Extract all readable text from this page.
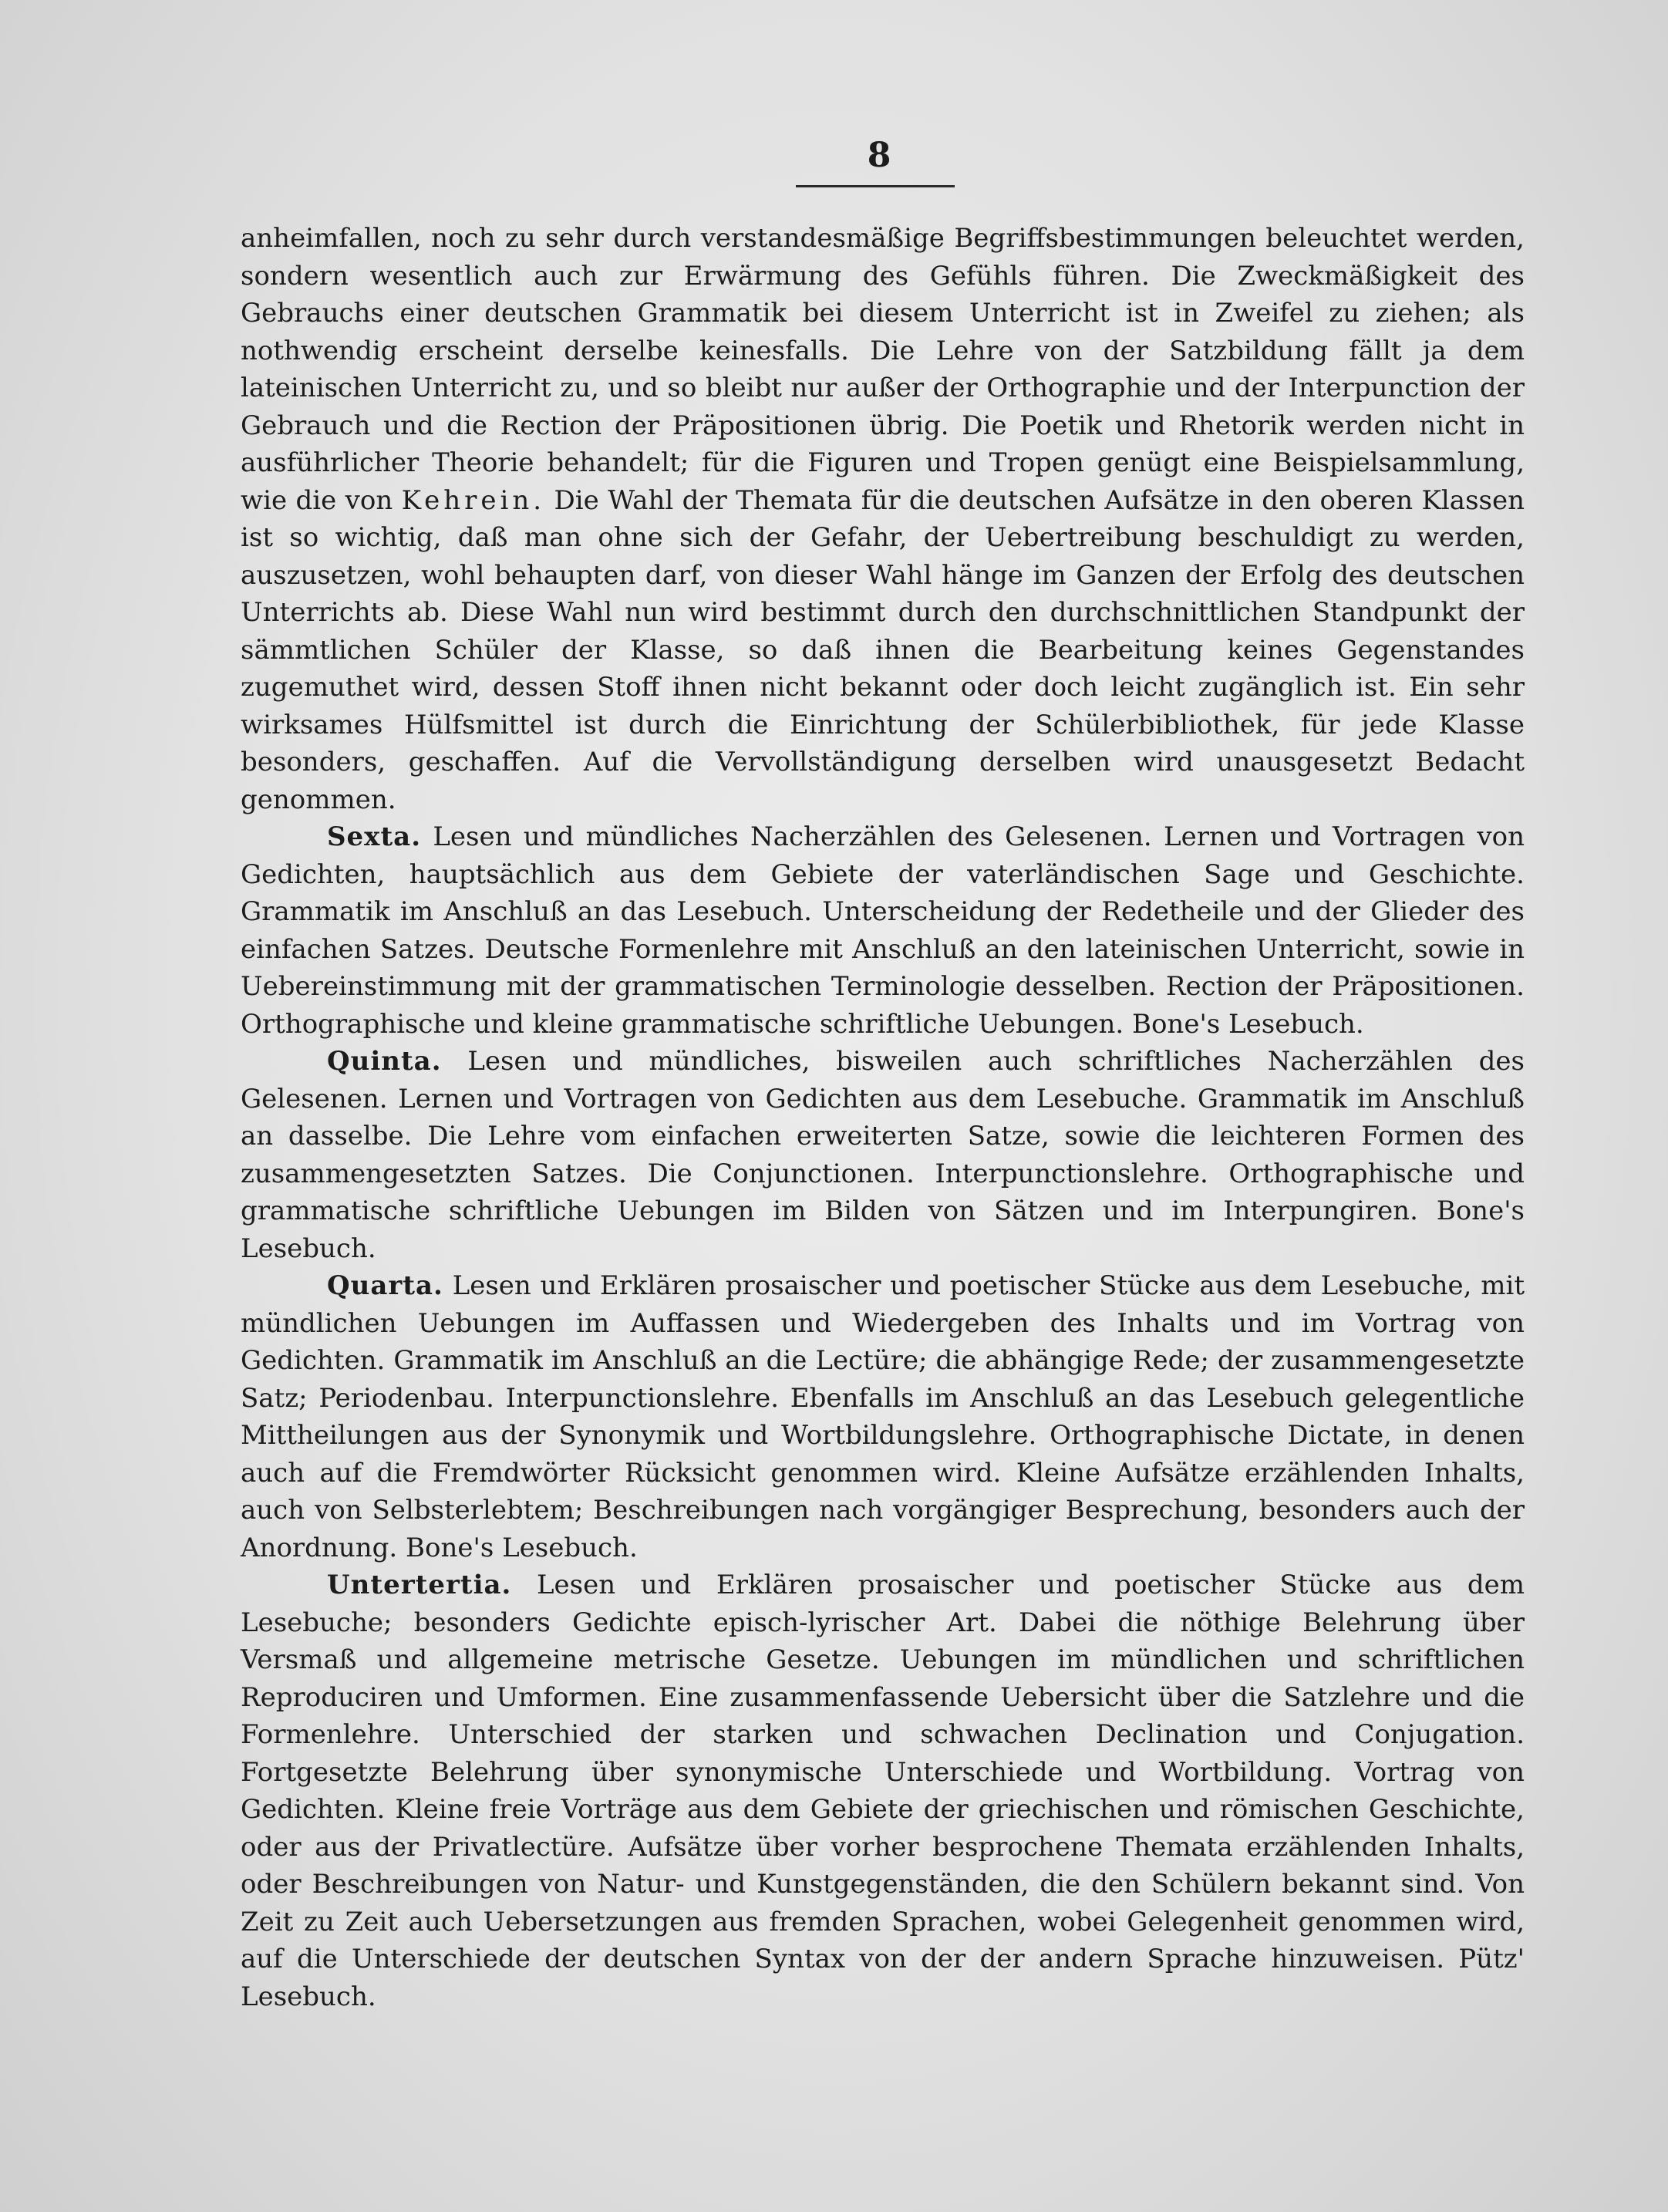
8

anheimfallen, noch zu sehr durch verstandesmäßige Begriffsbestimmungen beleuchtet werden, sondern wesentlich auch zur Erwärmung des Gefühls führen. Die Zweckmäßigkeit des Gebrauchs einer deutschen Grammatik bei diesem Unterricht ist in Zweifel zu ziehen; als nothwendig erscheint derselbe keinesfalls. Die Lehre von der Satzbildung fällt ja dem lateinischen Unterricht zu, und so bleibt nur außer der Orthographie und der Interpunction der Gebrauch und die Rection der Präpositionen übrig. Die Poetik und Rhetorik werden nicht in ausführlicher Theorie behandelt; für die Figuren und Tropen genügt eine Beispielsammlung, wie die von Kehrein. Die Wahl der Themata für die deutschen Aufsätze in den oberen Klassen ist so wichtig, daß man ohne sich der Gefahr, der Uebertreibung beschuldigt zu werden, auszusetzen, wohl behaupten darf, von dieser Wahl hänge im Ganzen der Erfolg des deutschen Unterrichts ab. Diese Wahl nun wird bestimmt durch den durchschnittlichen Standpunkt der sämmtlichen Schüler der Klasse, so daß ihnen die Bearbeitung keines Gegenstandes zugemuthet wird, dessen Stoff ihnen nicht bekannt oder doch leicht zugänglich ist. Ein sehr wirksames Hülfsmittel ist durch die Einrichtung der Schülerbibliothek, für jede Klasse besonders, geschaffen. Auf die Vervollständigung derselben wird unausgesetzt Bedacht genommen.

Sexta. Lesen und mündliches Nacherzählen des Gelesenen. Lernen und Vortragen von Gedichten, hauptsächlich aus dem Gebiete der vaterländischen Sage und Geschichte. Grammatik im Anschluß an das Lesebuch. Unterscheidung der Redetheile und der Glieder des einfachen Satzes. Deutsche Formenlehre mit Anschluß an den lateinischen Unterricht, sowie in Uebereinstimmung mit der grammatischen Terminologie desselben. Rection der Präpositionen. Orthographische und kleine grammatische schriftliche Uebungen. Bone's Lesebuch.

Quinta. Lesen und mündliches, bisweilen auch schriftliches Nacherzählen des Gelesenen. Lernen und Vortragen von Gedichten aus dem Lesebuche. Grammatik im Anschluß an dasselbe. Die Lehre vom einfachen erweiterten Satze, sowie die leichteren Formen des zusammengesetzten Satzes. Die Conjunctionen. Interpunctionslehre. Orthographische und grammatische schriftliche Uebungen im Bilden von Sätzen und im Interpungiren. Bone's Lesebuch.

Quarta. Lesen und Erklären prosaischer und poetischer Stücke aus dem Lesebuche, mit mündlichen Uebungen im Auffassen und Wiedergeben des Inhalts und im Vortrag von Gedichten. Grammatik im Anschluß an die Lectüre; die abhängige Rede; der zusammengesetzte Satz; Periodenbau. Interpunctionslehre. Ebenfalls im Anschluß an das Lesebuch gelegentliche Mittheilungen aus der Synonymik und Wortbildungslehre. Orthographische Dictate, in denen auch auf die Fremdwörter Rücksicht genommen wird. Kleine Aufsätze erzählenden Inhalts, auch von Selbsterlebtem; Beschreibungen nach vorgängiger Besprechung, besonders auch der Anordnung. Bone's Lesebuch.

Untertertia. Lesen und Erklären prosaischer und poetischer Stücke aus dem Lesebuche; besonders Gedichte episch-lyrischer Art. Dabei die nöthige Belehrung über Versmaß und allgemeine metrische Gesetze. Uebungen im mündlichen und schriftlichen Reproduciren und Umformen. Eine zusammenfassende Uebersicht über die Satzlehre und die Formenlehre. Unterschied der starken und schwachen Declination und Conjugation. Fortgesetzte Belehrung über synonymische Unterschiede und Wortbildung. Vortrag von Gedichten. Kleine freie Vorträge aus dem Gebiete der griechischen und römischen Geschichte, oder aus der Privatlectüre. Aufsätze über vorher besprochene Themata erzählenden Inhalts, oder Beschreibungen von Natur- und Kunstgegenständen, die den Schülern bekannt sind. Von Zeit zu Zeit auch Uebersetzungen aus fremden Sprachen, wobei Gelegenheit genommen wird, auf die Unterschiede der deutschen Syntax von der der andern Sprache hinzuweisen. Pütz' Lesebuch.
